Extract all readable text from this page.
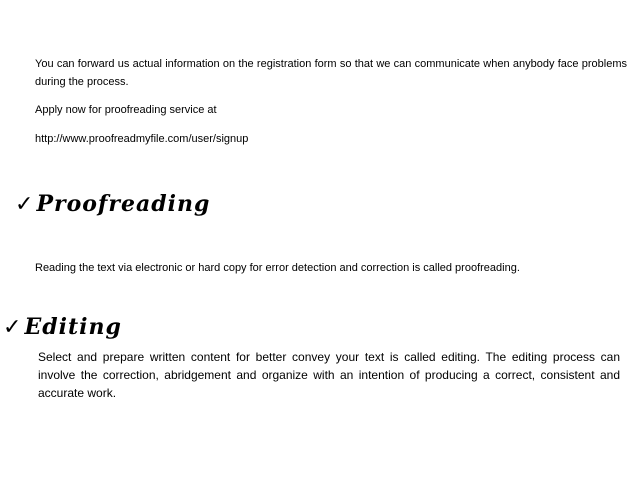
You can forward us actual information on the registration form so that we can communicate when anybody face problems during the process.

Apply now for proofreading service at

http://www.proofreadmyfile.com/user/signup

✓Proofreading

Reading the text via electronic or hard copy for error detection and correction is called proofreading.

✓Editing

Select and prepare written content for better convey your text is called editing. The editing process can involve the correction, abridgement and organize with an intention of producing a correct, consistent and accurate work.
